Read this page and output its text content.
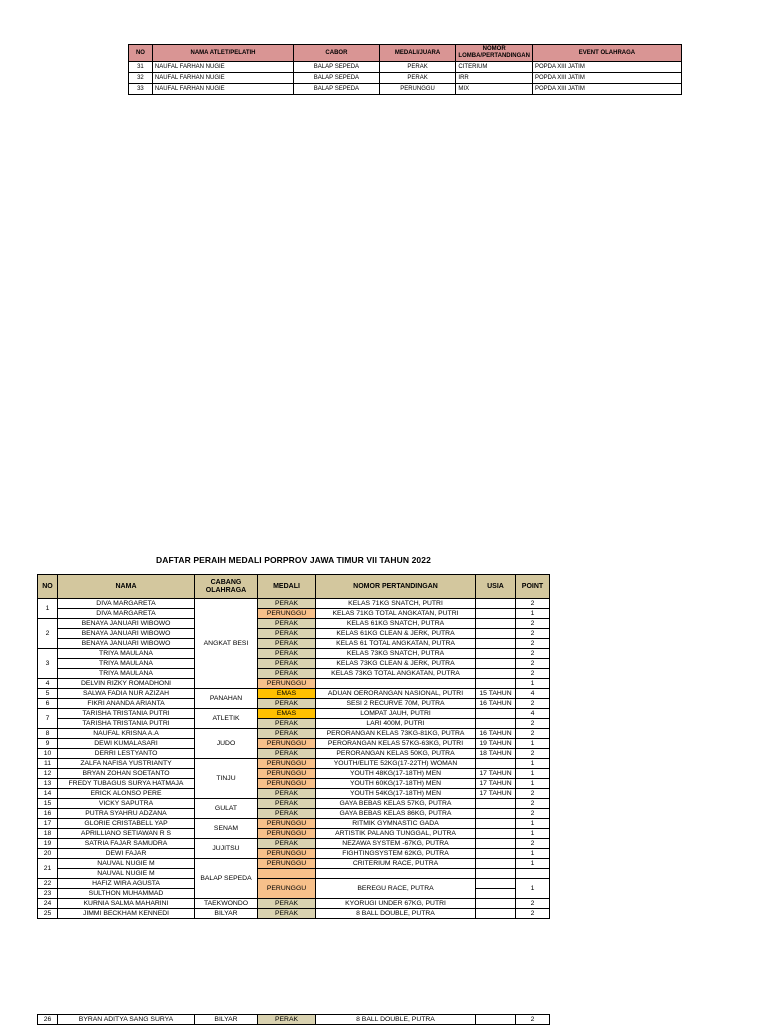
NO	NAMA ATLET/PELATIH	CABOR	MEDALI/JUARA	NOMOR LOMBA/PERTANDINGAN	EVENT OLAHRAGA
31	NAUFAL FARHAN NUGIE	BALAP SEPEDA	PERAK	CITERIUM	POPDA XIII JATIM
32	NAUFAL FARHAN NUGIE	BALAP SEPEDA	PERAK	IRR	POPDA XIII JATIM
33	NAUFAL FARHAN NUGIE	BALAP SEPEDA	PERUNGGU	MIX	POPDA XIII JATIM
DAFTAR PERAIH MEDALI PORPROV JAWA TIMUR VII TAHUN 2022
NO	NAMA	CABANG OLAHRAGA	MEDALI	NOMOR PERTANDINGAN	USIA	POINT
1	DIVA MARGARETA	ANGKAT BESI	PERAK	KELAS 71KG SNATCH, PUTRI		2
	DIVA MARGARETA		PERUNGGU	KELAS 71KG TOTAL ANGKATAN, PUTRI		1
2	BENAYA JANUARI WIBOWO		PERAK	KELAS 61KG SNATCH, PUTRA		2
	BENAYA JANUARI WIBOWO		PERAK	KELAS 61KG CLEAN & JERK, PUTRA		2
	BENAYA JANUARI WIBOWO		PERAK	KELAS 61 TOTAL ANGKATAN, PUTRA		2
3	TRIYA MAULANA		PERAK	KELAS 73KG SNATCH, PUTRA		2
	TRIYA MAULANA		PERAK	KELAS 73KG CLEAN & JERK, PUTRA		2
	TRIYA MAULANA		PERAK	KELAS 73KG TOTAL ANGKATAN, PUTRA		2
4	DELVIN RIZKY ROMADHONI		PERUNGGU			1
5	SALWA FADIA NUR AZIZAH	PANAHAN	EMAS	ADUAN OERORANGAN NASIONAL, PUTRI	15 TAHUN	4
6	FIKRI ANANDA ARIANTA		PERAK	SESI 2 RECURVE 70M, PUTRA	16 TAHUN	2
7	TARISHA TRISTANIA PUTRI	ATLETIK	EMAS	LOMPAT JAUH, PUTRI		4
	TARISHA TRISTANIA PUTRI		PERAK	LARI 400M, PUTRI		2
8	NAUFAL KRISNA A.A	JUDO	PERAK	PERORANGAN KELAS 73KG-81KG, PUTRA	16 TAHUN	2
9	DEWI KUMALASARI		PERUNGGU	PERORANGAN KELAS 57KG-63KG, PUTRI	19 TAHUN	1
10	DERRI LESTYANTO		PERAK	PERORANGAN KELAS 50KG, PUTRA	18 TAHUN	2
11	ZALFA NAFISA YUSTRIANTY	TINJU	PERUNGGU	YOUTH/ELITE 52KG(17-22TH) WOMAN		1
12	BRYAN ZOHAN SOETANTO		PERUNGGU	YOUTH 48KG(17-18TH) MEN	17 TAHUN	1
13	FREDY TUBAGUS SURYA HATMAJA		PERUNGGU	YOUTH 60KG(17-18TH) MEN	17 TAHUN	1
14	ERICK ALONSO PERE		PERAK	YOUTH 54KG(17-18TH) MEN	17 TAHUN	2
15	VICKY SAPUTRA	GULAT	PERAK	GAYA BEBAS KELAS 57KG, PUTRA		2
16	PUTRA SYAHRU ADZANA		PERAK	GAYA BEBAS KELAS 86KG, PUTRA		2
17	GLORIE CRISTABELL YAP	SENAM	PERUNGGU	RITMIK GYMNASTIC GADA		1
18	APRILLIANO SETIAWAN R S		PERUNGGU	ARTISTIK PALANG TUNGGAL, PUTRA		1
19	SATRIA FAJAR SAMUDRA	JUJITSU	PERAK	NEZAWA SYSTEM -67KG, PUTRA		2
20	DEWI FAJAR		PERUNGGU	FIGHTINGSYSTEM 62KG, PUTRA		1
21	NAUVAL NUGIE M	BALAP SEPEDA	PERUNGGU	CRITERIUM RACE, PUTRA		1
	NAUVAL NUGIE M					
22	HAFIZ WIRA AGUSTA		PERUNGGU	BEREGU RACE, PUTRA		1
23	SULTHON MUHAMMAD					
24	KURNIA SALMA MAHARINI	TAEKWONDO	PERAK	KYORUGI UNDER 67KG, PUTRI		2
25	JIMMI BECKHAM KENNEDI	BILYAR	PERAK	8 BALL DOUBLE, PUTRA		2
26	BYRAN ADITYA SANG SURYA	BILYAR	PERAK	8 BALL DOUBLE, PUTRA		2
